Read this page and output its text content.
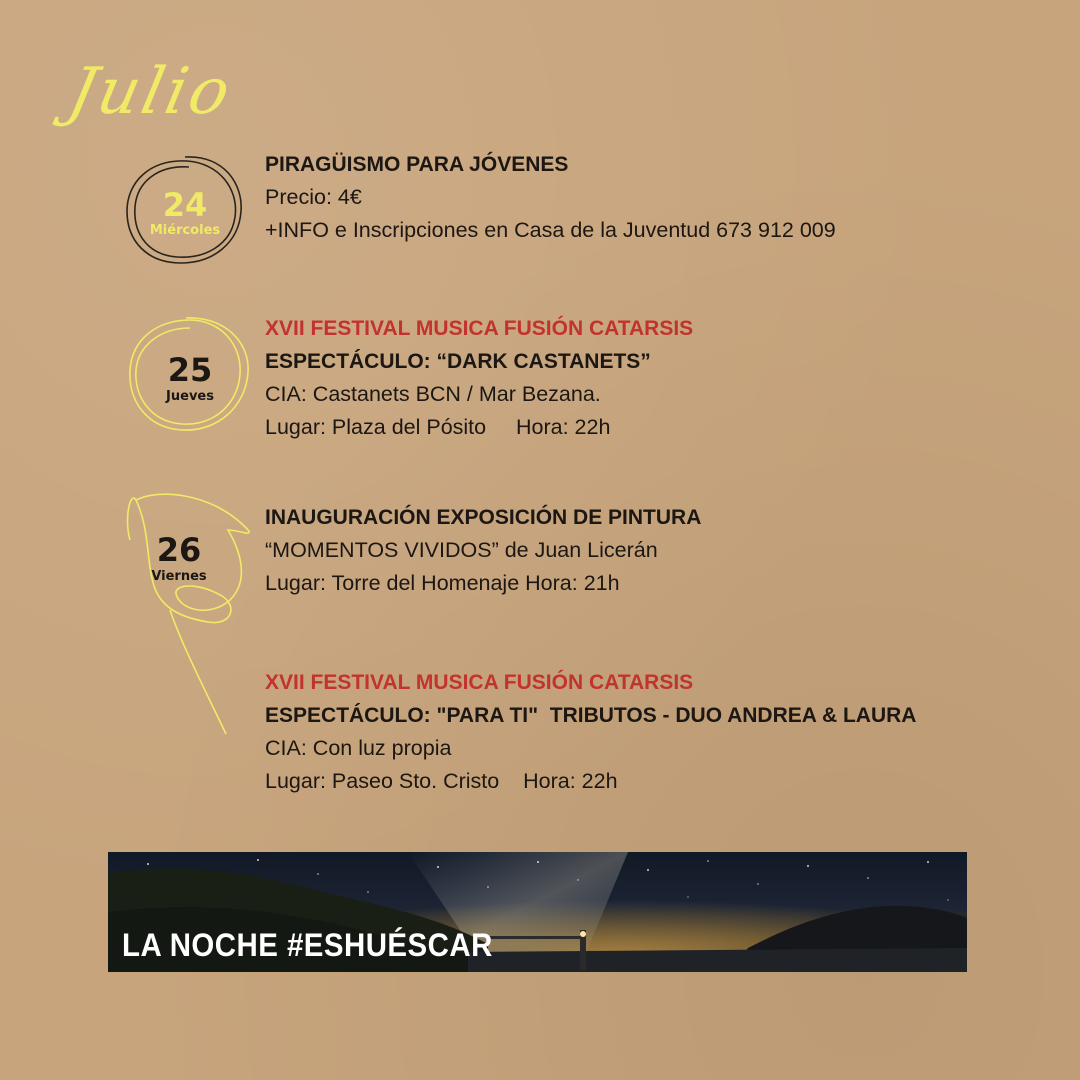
Julio
24
Miércoles
25
Jueves
26
Viernes
PIRAGÜISMO PARA JÓVENES
Precio: 4€
+INFO e Inscripciones en Casa de la Juventud 673 912 009
XVII FESTIVAL MUSICA FUSIÓN CATARSIS
ESPECTÁCULO: “DARK CASTANETS”
CIA: Castanets BCN / Mar Bezana.
Lugar: Plaza del Pósito     Hora: 22h
INAUGURACIÓN EXPOSICIÓN DE PINTURA
“MOMENTOS VIVIDOS” de Juan Licerán
Lugar: Torre del Homenaje Hora: 21h
XVII FESTIVAL MUSICA FUSIÓN CATARSIS
ESPECTÁCULO: "PARA TI"  TRIBUTOS - DUO ANDREA & LAURA
CIA: Con luz propia
Lugar: Paseo Sto. Cristo    Hora: 22h
LA NOCHE #ESHUÉSCAR
